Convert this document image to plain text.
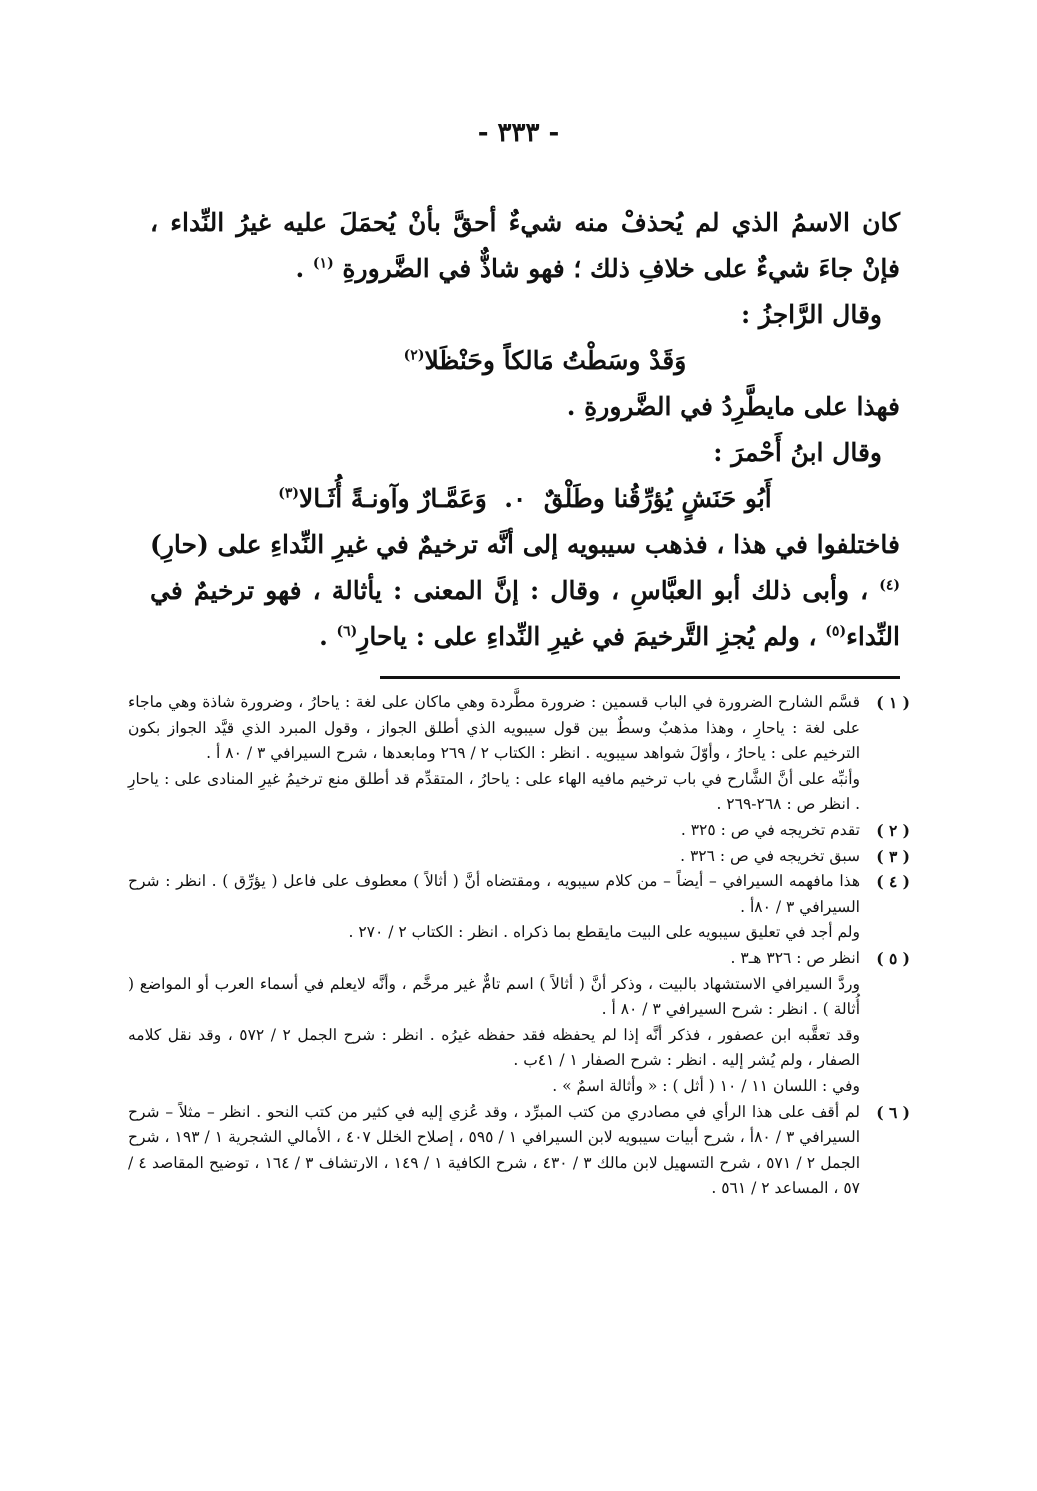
- ٣٣٣ -

كان الاسمُ الذي لم يُحذفْ منه شيءٌ أحقَّ بأنْ يُحمَلَ عليه غيرُ النِّداء ، فإنْ جاءَ شيءٌ على خلافِ ذلك ؛ فهو شاذٌّ في الضَّرورةِ $^{(١)}$ .

وقال الرَّاجزُ :

وَقَدْ وسَطْتُ مَالكاً وحَنْظَلا$^{(٢)}$

فهذا على مايطَّرِدُ في الضَّرورةِ .

وقال ابنُ أَحْمرَ :

أَبُو حَنَشٍ يُؤرِّقُنا وطَلْقٌ  ٠.  وَعَمَّـارٌ وآونـةً أُثَـالا$^{(٣)}$

فاختلفوا في هذا ، فذهب سيبويه إلى أنَّه ترخيمٌ في غيرِ النِّداءِ على (حارِ)$^{(٤)}$ ، وأبى ذلك أبو العبَّاسِ ، وقال : إنَّ المعنى : يأثالة ، فهو ترخيمٌ في النِّداء$^{(٥)}$ ، ولم يُجزِ التَّرخيمَ في غيرِ النِّداءِ على : ياحارِ$^{(٦)}$ .

( ١ )

قسَّم الشارح الضرورة في الباب قسمين : ضرورة مطَّردة وهي ماكان على لغة : ياحارُ ، وضرورة شاذة وهي ماجاء على لغة : ياحارِ ، وهذا مذهبٌ وسطٌ بين قول سيبويه الذي أطلق الجواز ، وقول المبرد الذي قيَّد الجواز بكون الترخيم على : ياحارُ ، وأوّلَ شواهد سيبويه . انظر : الكتاب ٢ / ٢٦٩ ومابعدها ، شرح السيرافي ٣ / ٨٠ أ .

وأنبِّه على أنَّ الشَّارح في باب ترخيم مافيه الهاء على : ياحارُ ، المتقدِّم قد أطلق منع ترخيمُ غيرِ المنادى على : ياحارِ . انظر ص : ٢٦٨-٢٦٩ .

( ٢ )

تقدم تخريجه في ص : ٣٢٥ .

( ٣ )

سبق تخريجه في ص : ٣٢٦ .

( ٤ )

هذا مافهمه السيرافي – أيضاً – من كلام سيبويه ، ومقتضاه أنَّ ( أثالاً ) معطوف على فاعل ( يؤرِّق ) . انظر : شرح السيرافي ٣ / ٨٠أ .

ولم أجد في تعليق سيبويه على البيت مايقطع بما ذكراه . انظر : الكتاب ٢ / ٢٧٠ .

( ٥ )

انظر ص : ٣٢٦ هـ٣ .

وردَّ السيرافي الاستشهاد بالبيت ، وذكر أنَّ ( أثالاً ) اسم تامٌّ غير مرخَّم ، وأنَّه لايعلم في أسماء العرب أو المواضع ( أُثالة ) . انظر : شرح السيرافي ٣ / ٨٠ أ .

وقد تعقَّبه ابن عصفور ، فذكر أنَّه إذا لم يحفظه فقد حفظه غيرُه . انظر : شرح الجمل ٢ / ٥٧٢ ، وقد نقل كلامه الصفار ، ولم يُشر إليه . انظر : شرح الصفار ١ / ٤١ب .

وفي : اللسان ١١ / ١٠ ( أثل ) : « وأثالة اسمٌ » .

( ٦ )

لم أقف على هذا الرأي في مصادري من كتب المبرِّد ، وقد عُزي إليه في كثير من كتب النحو . انظر – مثلاً – شرح السيرافي ٣ / ٨٠أ ، شرح أبيات سيبويه لابن السيرافي ١ / ٥٩٥ ، إصلاح الخلل ٤٠٧ ، الأمالي الشجرية ١ / ١٩٣ ، شرح الجمل ٢ / ٥٧١ ، شرح التسهيل لابن مالك ٣ / ٤٣٠ ، شرح الكافية ١ / ١٤٩ ، الارتشاف ٣ / ١٦٤ ، توضيح المقاصد ٤ / ٥٧ ، المساعد ٢ / ٥٦١ .
